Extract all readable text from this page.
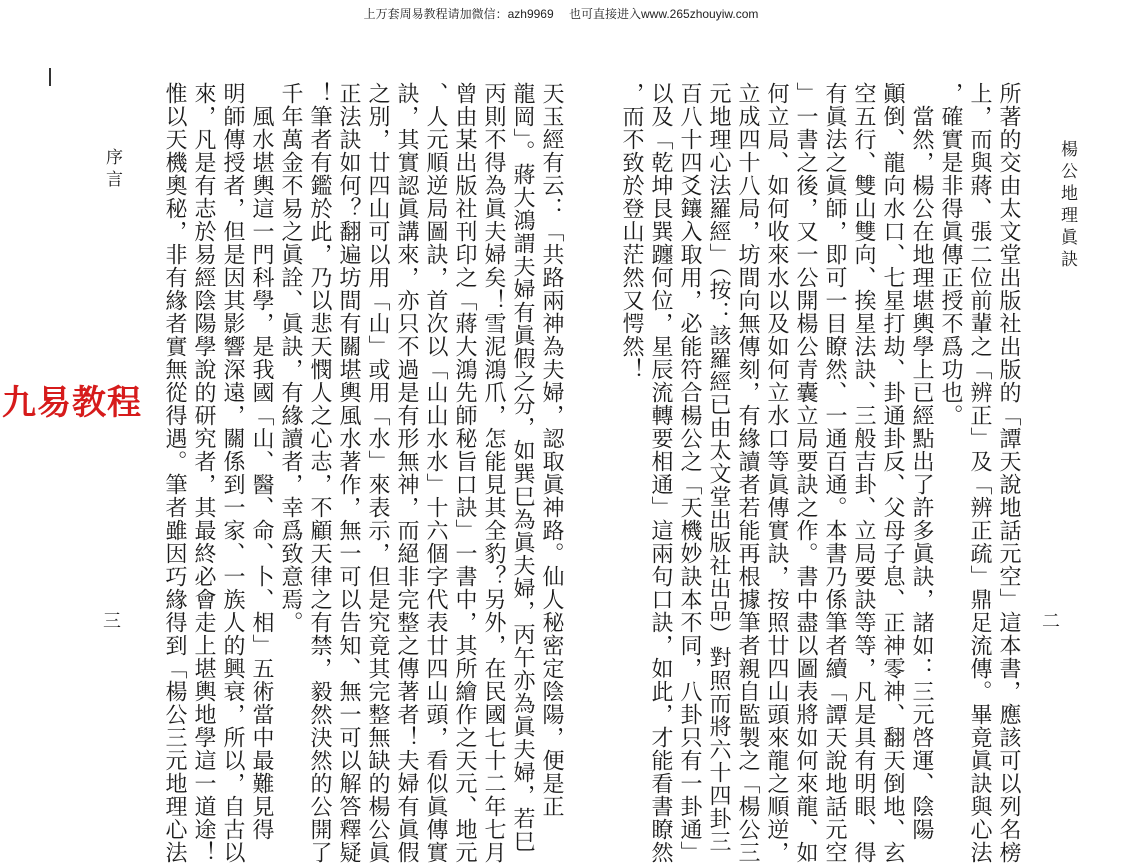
上万套周易教程请加微信：azh9969 也可直接进入www.265zhouyiw.com
序言
三	天玉經有云：「共路兩神為夫婦，認取眞神路。仙人秘密定陰陽，便是正
龍岡」。蔣大鴻謂夫婦有眞假之分，如巽巳為眞夫婦，丙午亦為眞夫婦，若巳
丙則不得為眞夫婦矣！雪泥鴻爪，怎能見其全豹？另外，在民國七十二年七月
曾由某出版社刊印之「蔣大鴻先師秘旨口訣」一書中，其所繪作之天元、地元
、人元順逆局圖訣，首次以「山山水水」十六個字代表廿四山頭，看似眞傳實
訣，其實認眞講來，亦只不過是有形無神，而絕非完整之傳著者！夫婦有眞假
之別，廿四山可以用「山」或用「水」來表示，但是究竟其完整無缺的楊公眞
正法訣如何？翻遍坊間有關堪輿風水著作，無一可以告知、無一可以解答釋疑
！筆者有鑑於此，乃以悲天憫人之心志，不顧天律之有禁，毅然決然的公開了
千年萬金不易之眞詮、眞訣，有緣讀者，幸爲致意焉。
　風水堪輿這一門科學，是我國「山、醫、命、卜、相」五術當中最難見得
明師傳授者，但是因其影響深遠，關係到一家、一族人的興衰，所以，自古以
來，凡是有志於易經陰陽學說的研究者，其最終必會走上堪輿地學這一道途！
惟以天機奧秘，非有緣者實無從得遇。筆者雖因巧緣得到「楊公三元地理心法
九易教程	所著的交由太文堂出版社出版的「譚天說地話元空」這本書，應該可以列名榜
上，而與蔣、張二位前輩之「辨正」及「辨正疏」鼎足流傳。畢竟眞訣與心法
，確實是非得眞傳正授不爲功也。
　當然，楊公在地理堪輿學上已經點出了許多眞訣，諸如：三元啓運、陰陽
顚倒、龍向水口、七星打劫、卦通卦反、父母子息、正神零神、翻天倒地、玄
空五行、雙山雙向、挨星法訣、三般吉卦、立局要訣等等，凡是具有明眼、得
有眞法之眞師，即可一目瞭然、一通百通。本書乃係筆者續「譚天說地話元空
」一書之後，又一公開楊公青囊立局要訣之作。書中盡以圖表將如何來龍、如
何立局、如何收來水以及如何立水口等眞傳實訣，按照廿四山頭來龍之順逆，
立成四十八局，坊間向無傳刻，有緣讀者若能再根據筆者親自監製之「楊公三
元地理心法羅經」（按：該羅經已由太文堂出版社出品）對照而將六十四卦三
百八十四爻鑲入取用，必能符合楊公之「天機妙訣本不同，八卦只有一卦通」
以及「乾坤艮巽躔何位，星辰流轉要相通」這兩句口訣，如此，才能看書瞭然
，而不致於登山茫然又愕然！	楊公地理眞訣
二
